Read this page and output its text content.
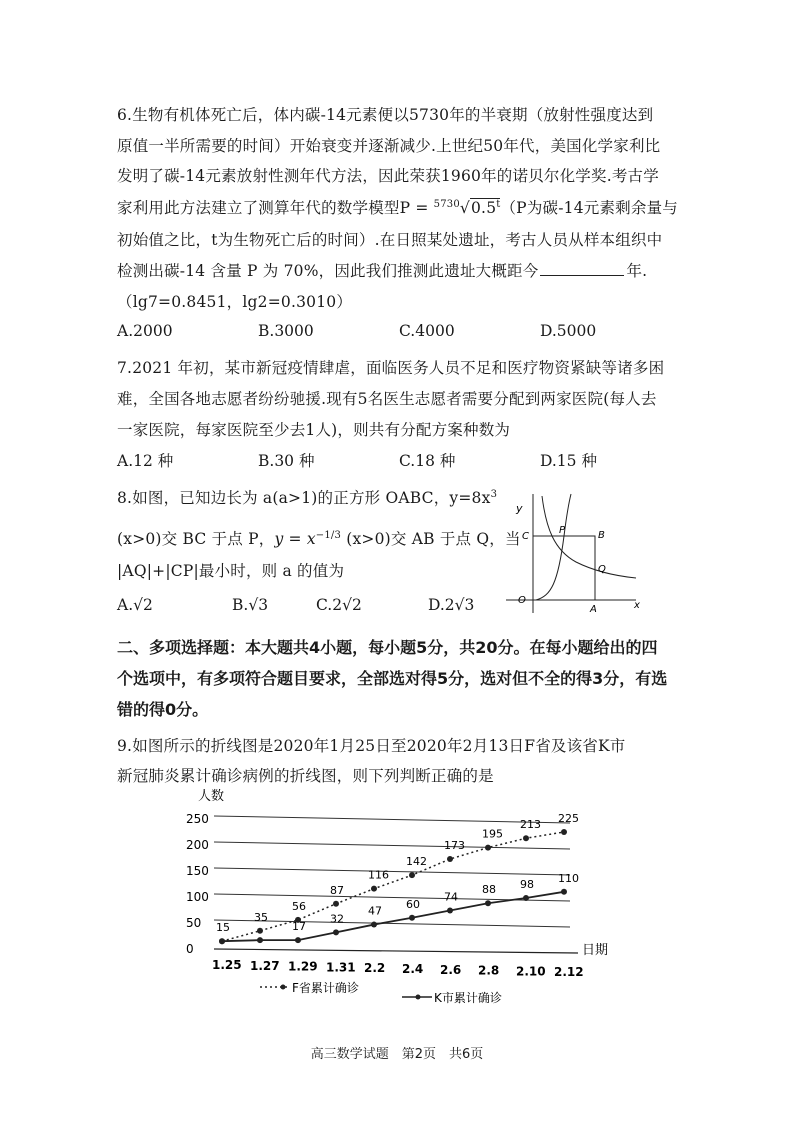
6.生物有机体死亡后，体内碳-14元素便以5730年的半衰期（放射性强度达到
原值一半所需要的时间）开始衰变并逐渐减少.上世纪50年代，美国化学家利比
发明了碳-14元素放射性测年代方法，因此荣获1960年的诺贝尔化学奖.考古学
家利用此方法建立了测算年代的数学模型$P = ^{5730}√0.5^t(P$为碳-14元素剩余量与
初始值之比，t为生物死亡后的时间）.在日照某处遗址，考古人员从样本组织中
检测出碳-14 含量 P 为 70%，因此我们推测此遗址大概距今	年.
（lg7=0.8451，lg2=0.3010）
A.2000	B.3000	C.4000	D.5000
7.2021 年初，某市新冠疫情肆虐，面临医务人员不足和医疗物资紧缺等诸多困
难，全国各地志愿者纷纷驰援.现有5名医生志愿者需要分配到两家医院(每人去
一家医院，每家医院至少去1人)，则共有分配方案种数为
A.12 种	B.30 种	C.18 种	D.15 种
8.如图，已知边长为 a(a>1)的正方形 OABC，$y=8x^3$
(x>0)交 BC 于点 P，$y = x^{-1/3}$ (x>0)交 AB 于点 Q，当
|AQ|+|CP|最小时，则 a 的值为
A.√2	B.√3	C.2√2	D.2√3
y
C
P	B
Q
O
A	x
二、多项选择题：本大题共4小题，每小题5分，共20分。在每小题给出的四
个选项中，有多项符合题目要求，全部选对得5分，选对但不全的得3分，有选
错的得0分。
9.如图所示的折线图是2020年1月25日至2020年2月13日F省及该省K市
新冠肺炎累计确诊病例的折线图，则下列判断正确的是
0
50
100
150
200
250
1.25 1.27 1.29 1.31 2.2 2.4 2.6 2.8 2.10 2.12
15
35
56
87
116
142
173
195
213 225
17
32
47
60
74
88 98 110
人数
日期
F省累计确诊
K市累计确诊
高三数学试题　第2页　共6页
